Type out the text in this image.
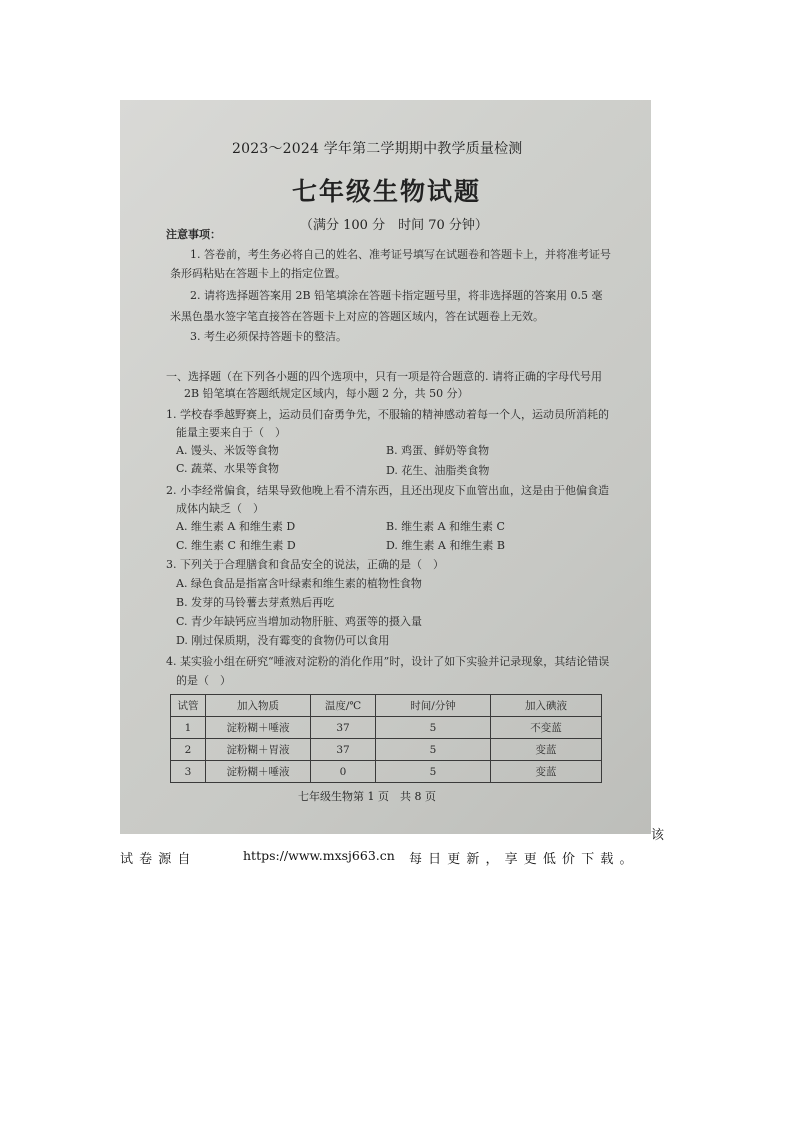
2023～2024 学年第二学期期中教学质量检测
七年级生物试题
（满分 100 分　时间 70 分钟）
注意事项：
1. 答卷前，考生务必将自己的姓名、准考证号填写在试题卷和答题卡上，并将准考证号
条形码粘贴在答题卡上的指定位置。
2. 请将选择题答案用 2B 铅笔填涂在答题卡指定题号里，将非选择题的答案用 0.5 毫
米黑色墨水签字笔直接答在答题卡上对应的答题区域内，答在试题卷上无效。
3. 考生必须保持答题卡的整洁。
一、选择题（在下列各小题的四个选项中，只有一项是符合题意的. 请将正确的字母代号用
2B 铅笔填在答题纸规定区域内，每小题 2 分，共 50 分）
1. 学校春季越野赛上，运动员们奋勇争先，不服输的精神感动着每一个人，运动员所消耗的
能量主要来自于（　）
A. 馒头、米饭等食物	B. 鸡蛋、鲜奶等食物
C. 蔬菜、水果等食物	D. 花生、油脂类食物
2. 小李经常偏食，结果导致他晚上看不清东西，且还出现皮下血管出血，这是由于他偏食造
成体内缺乏（　）
A. 维生素 A 和维生素 D	B. 维生素 A 和维生素 C
C. 维生素 C 和维生素 D	D. 维生素 A 和维生素 B
3. 下列关于合理膳食和食品安全的说法，正确的是（　）
A. 绿色食品是指富含叶绿素和维生素的植物性食物
B. 发芽的马铃薯去芽煮熟后再吃
C. 青少年缺钙应当增加动物肝脏、鸡蛋等的摄入量
D. 刚过保质期，没有霉变的食物仍可以食用
4. 某实验小组在研究“唾液对淀粉的消化作用”时，设计了如下实验并记录现象，其结论错误
的是（　）
试管	加入物质	温度/℃	时间/分钟	加入碘液
1	淀粉糊＋唾液	37	5	不变蓝
2	淀粉糊＋胃液	37	5	变蓝
3	淀粉糊＋唾液	0	5	变蓝
七年级生物第 1 页　共 8 页
该
试 卷 源 自	https://www.mxsj663.cn 每 日 更 新 ， 享 更 低 价 下 载 。
